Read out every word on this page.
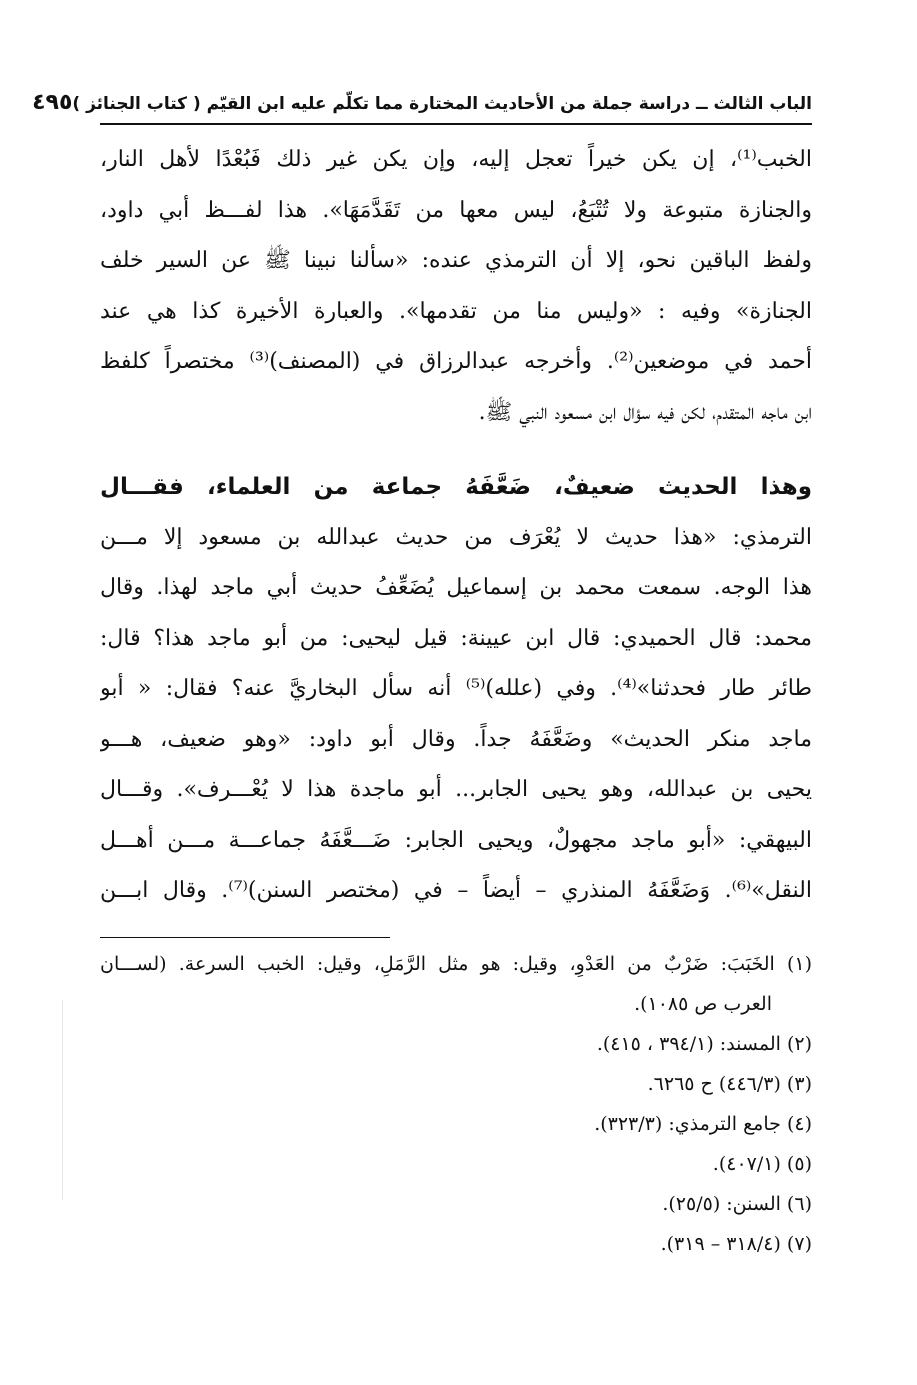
الباب الثالث ــ دراسة جملة من الأحاديث المختارة مما تكلّم عليه ابن القيّم ( كتاب الجنائز )
٤٩٥
الخبب⁽¹⁾، إن يكن خيراً تعجل إليه، وإن يكن غير ذلك فَبُعْدًا لأهل النار،
والجنازة متبوعة ولا تُتْبَعُ، ليس معها من تَقَدَّمَهَا». هذا لفـــظ أبي داود،
ولفظ الباقين نحو، إلا أن الترمذي عنده: «سألنا نبينا ﷺ عن السير خلف
الجنازة» وفيه : «وليس منا من تقدمها». والعبارة الأخيرة كذا هي عند
أحمد في موضعين⁽²⁾. وأخرجه عبدالرزاق في (المصنف)⁽³⁾ مختصراً كلفظ
ابن ماجه المتقدم، لكن فيه سؤال ابن مسعود النبي ﷺ.
وهذا الحديث ضعيفٌ، ضَعَّفَهُ جماعة من العلماء، فقـــال
الترمذي: «هذا حديث لا يُعْرَف من حديث عبدالله بن مسعود إلا مـــن
هذا الوجه. سمعت محمد بن إسماعيل يُضَعِّفُ حديث أبي ماجد لهذا. وقال
محمد: قال الحميدي: قال ابن عيينة: قيل ليحيى: من أبو ماجد هذا؟ قال:
طائر طار فحدثنا»⁽⁴⁾. وفي (علله)⁽⁵⁾ أنه سأل البخاريَّ عنه؟ فقال: « أبو
ماجد منكر الحديث» وضَعَّفَهُ جداً. وقال أبو داود: «وهو ضعيف، هـــو
يحيى بن عبدالله، وهو يحيى الجابر... أبو ماجدة هذا لا يُعْـــرف». وقـــال
البيهقي: «أبو ماجد مجهولٌ، ويحيى الجابر: ضَـــعَّفَهُ جماعـــة مـــن أهـــل
النقل»⁽⁶⁾. وَضَعَّفَهُ المنذري – أيضاً – في (مختصر السنن)⁽⁷⁾. وقال ابـــن
(١) الخَبَبَ: ضَرْبٌ من العَدْوِ، وقيل: هو مثل الرَّمَلِ، وقيل: الخبب السرعة. (لســـان
العرب ص ١٠٨٥).
(٢) المسند: (٣٩٤/١ ، ٤١٥).
(٣) (٤٤٦/٣) ح ٦٢٦٥.
(٤) جامع الترمذي: (٣٢٣/٣).
(٥) (٤٠٧/١).
(٦) السنن: (٢٥/٥).
(٧) (٣١٨/٤ – ٣١٩).
